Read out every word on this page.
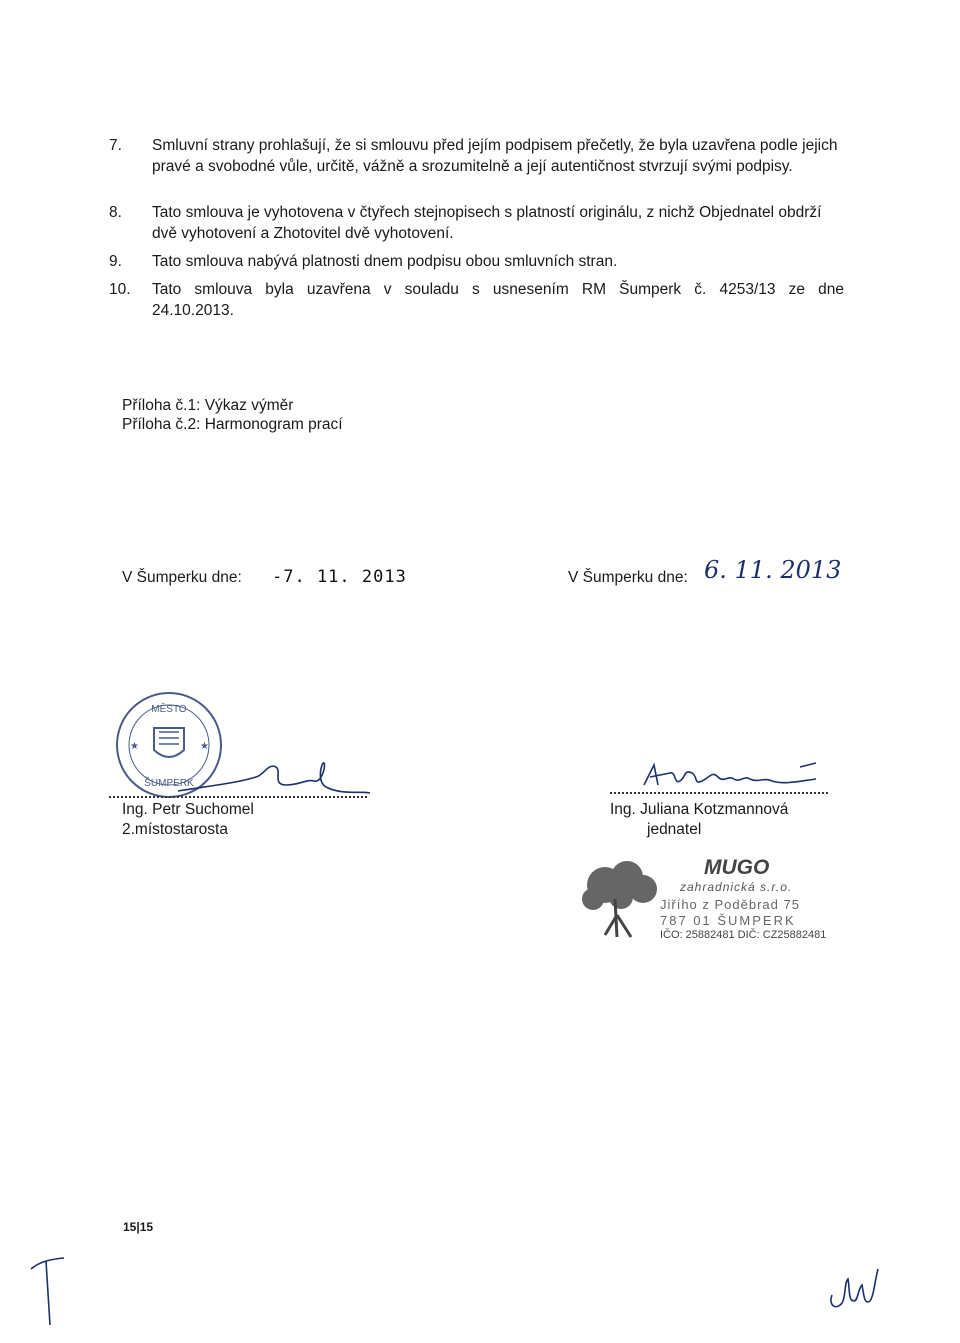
7. Smluvní strany prohlašují, že si smlouvu před jejím podpisem přečetly, že byla uzavřena podle jejich pravé a svobodné vůle, určitě, vážně a srozumitelně a její autentičnost stvrzují svými podpisy.
8. Tato smlouva je vyhotovena v čtyřech stejnopisech s platností originálu, z nichž Objednatel obdrží dvě vyhotovení a Zhotovitel dvě vyhotovení.
9. Tato smlouva nabývá platnosti dnem podpisu obou smluvních stran.
10. Tato smlouva byla uzavřena v souladu s usnesením RM Šumperk č. 4253/13 ze dne
24.10.2013.
Příloha č.1: Výkaz výměr
Příloha č.2: Harmonogram prací
V Šumperku dne: -7. 11. 2013	V Šumperku dne: 6. 11. 2013
MĚSTO
ŠUMPERK
★	★
Ing. Petr Suchomel
2.místostarosta
Ing. Juliana Kotzmannová
jednatel
MUGO
zahradnická s.r.o.
Jiřího z Poděbrad 75
787 01 ŠUMPERK
IČO: 25882481 DIČ: CZ25882481
15|15
